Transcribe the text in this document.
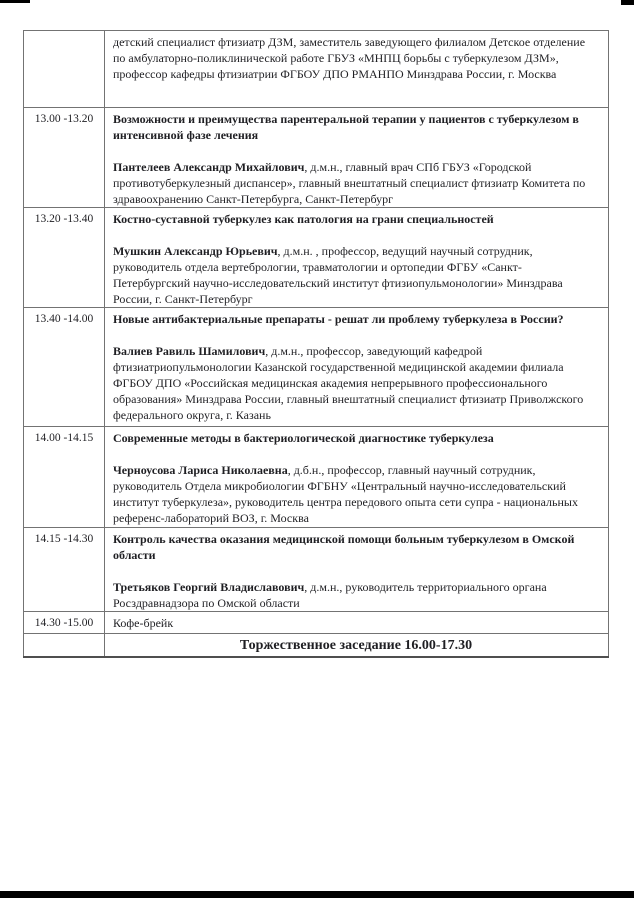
	детский специалист фтизиатр ДЗМ, заместитель заведующего филиалом Детское отделение по амбулаторно-поликлинической работе ГБУЗ «МНПЦ борьбы с туберкулезом ДЗМ», профессор кафедры фтизиатрии ФГБОУ ДПО РМАНПО Минздрава России, г. Москва

13.00 -13.20	Возможности и преимущества парентеральной терапии у пациентов с туберкулезом в интенсивной фазе лечения

Пантелеев Александр Михайлович, д.м.н., главный врач СПб ГБУЗ «Городской противотуберкулезный диспансер», главный внештатный специалист фтизиатр Комитета по здравоохранению Санкт-Петербурга, Санкт-Петербург

13.20 -13.40	Костно-суставной туберкулез как патология на грани специальностей

Мушкин Александр Юрьевич, д.м.н. , профессор, ведущий научный сотрудник, руководитель отдела вертебрологии, травматологии и ортопедии ФГБУ «Санкт-Петербургский научно-исследовательский институт фтизиопульмонологии» Минздрава России, г. Санкт-Петербург

13.40 -14.00	Новые антибактериальные препараты - решат ли проблему туберкулеза в России?

Валиев Равиль Шамилович, д.м.н., профессор, заведующий кафедрой фтизиатриопульмонологии Казанской государственной медицинской академии филиала ФГБОУ ДПО «Российская медицинская академия непрерывного профессионального образования» Минздрава России, главный внештатный специалист фтизиатр Приволжского федерального округа, г. Казань

14.00 -14.15	Современные методы в бактериологической диагностике туберкулеза

Черноусова Лариса Николаевна, д.б.н., профессор, главный научный сотрудник, руководитель Отдела микробиологии ФГБНУ «Центральный научно-исследовательский институт туберкулеза», руководитель центра передового опыта сети супра - национальных референс-лабораторий ВОЗ, г. Москва

14.15 -14.30	Контроль качества оказания медицинской помощи больным туберкулезом в Омской области

Третьяков Георгий Владиславович, д.м.н., руководитель территориального органа Росздравнадзора по Омской области

14.30 -15.00	Кофе-брейк

	Торжественное заседание 16.00-17.30
